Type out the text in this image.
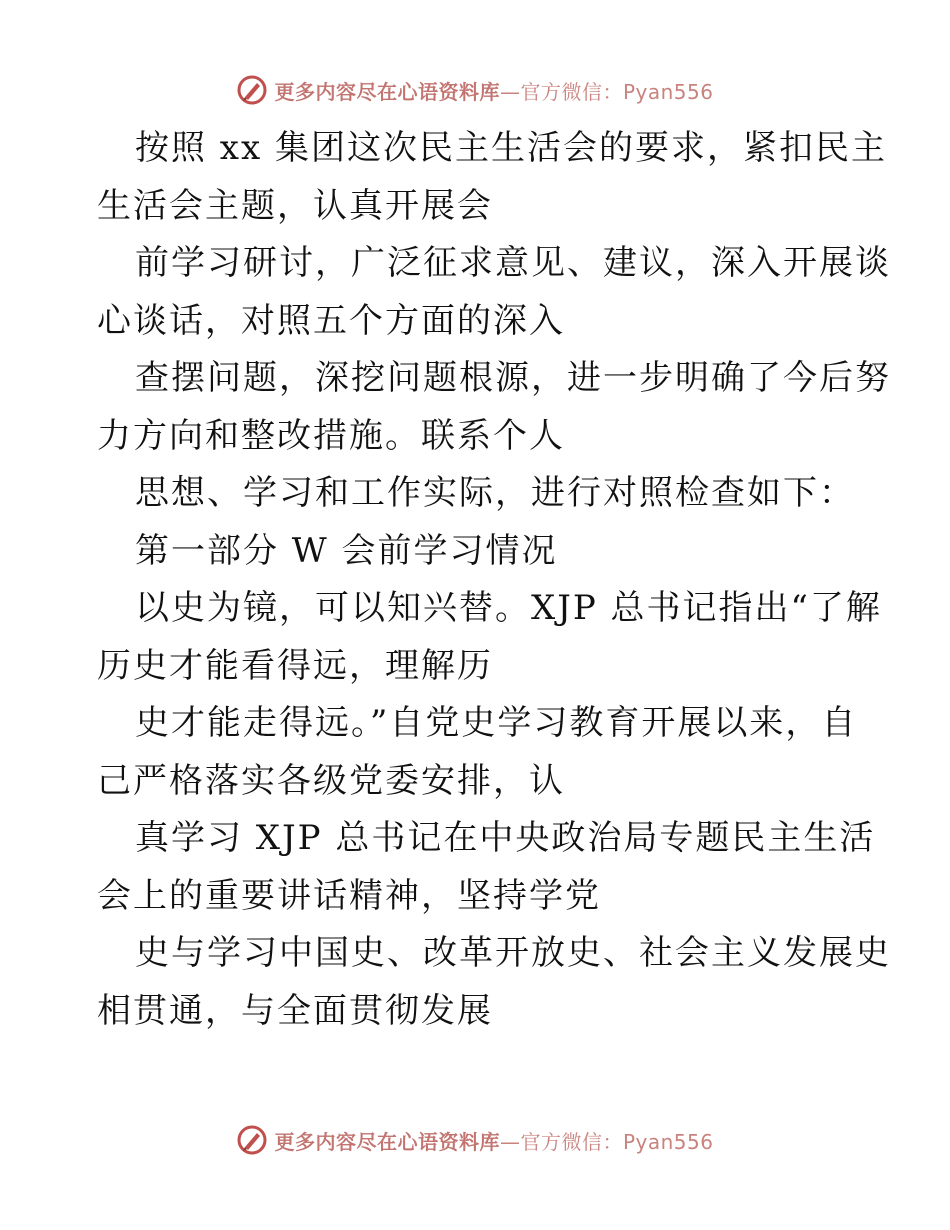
更多内容尽在心语资料库—官方微信：Pyan556
按照 xx 集团这次民主生活会的要求，紧扣民主
生活会主题，认真开展会
前学习研讨，广泛征求意见、建议，深入开展谈
心谈话，对照五个方面的深入
查摆问题，深挖问题根源，进一步明确了今后努
力方向和整改措施。联系个人
思想、学习和工作实际，进行对照检查如下：
第一部分 W 会前学习情况
以史为镜，可以知兴替。XJP 总书记指出“了解
历史才能看得远，理解历
史才能走得远。”自党史学习教育开展以来，自
己严格落实各级党委安排，认
真学习 XJP 总书记在中央政治局专题民主生活
会上的重要讲话精神，坚持学党
史与学习中国史、改革开放史、社会主义发展史
相贯通，与全面贯彻发展
更多内容尽在心语资料库—官方微信：Pyan556
